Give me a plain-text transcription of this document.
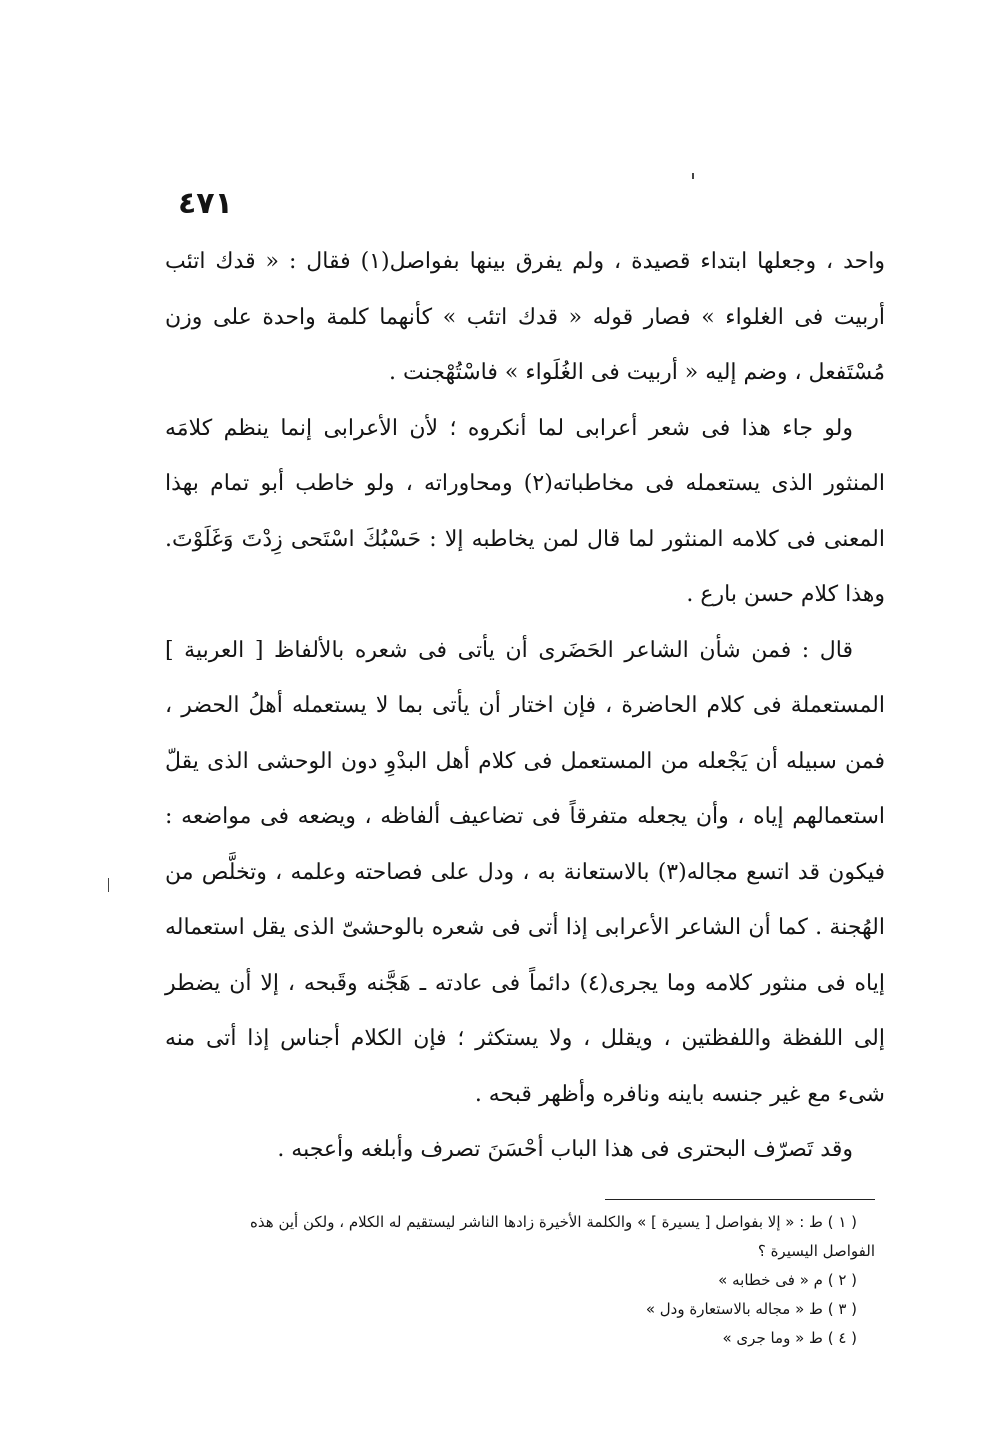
٤٧١

واحد ، وجعلها ابتداء قصيدة ، ولم يفرق بينها بفواصل(١) فقال : « قدك اتئب أربيت فى الغلواء » فصار قوله « قدك اتئب » كأنهما كلمة واحدة على وزن مُسْتَفعل ، وضم إليه « أربيت فى الغُلَواء » فاسْتُهْجنت .

ولو جاء هذا فى شعر أعرابى لما أنكروه ؛ لأن الأعرابى إنما ينظم كلامَه المنثور الذى يستعمله فى مخاطباته(٢) ومحاوراته ، ولو خاطب أبو تمام بهذا المعنى فى كلامه المنثور لما قال لمن يخاطبه إلا : حَسْبُكَ اسْتَحى زِدْتَ وَغَلَوْتَ. وهذا كلام حسن بارع .

قال : فمن شأن الشاعر الحَضَرى أن يأتى فى شعره بالألفاظ [ العربية ] المستعملة فى كلام الحاضرة ، فإن اختار أن يأتى بما لا يستعمله أهلُ الحضر ، فمن سبيله أن يَجْعله من المستعمل فى كلام أهل البدْوِ دون الوحشى الذى يقلّ استعمالهم إياه ، وأن يجعله متفرقاً فى تضاعيف ألفاظه ، ويضعه فى مواضعه : فيكون قد اتسع مجاله(٣) بالاستعانة به ، ودل على فصاحته وعلمه ، وتخلَّص من الهُجنة . كما أن الشاعر الأعرابى إذا أتى فى شعره بالوحشىّ الذى يقل استعماله إياه فى منثور كلامه وما يجرى(٤) دائماً فى عادته ـ هَجَّنه وقَبحه ، إلا أن يضطر إلى اللفظة واللفظتين ، ويقلل ، ولا يستكثر ؛ فإن الكلام أجناس إذا أتى منه شىء مع غير جنسه باينه ونافره وأظهر قبحه .

وقد تَصرّف البحترى فى هذا الباب أحْسَنَ تصرف وأبلغه وأعجبه .

( ١ ) ط : « إلا بفواصل [ يسيرة ] » والكلمة الأخيرة زادها الناشر ليستقيم له الكلام ، ولكن أين هذه الفواصل اليسيرة ؟

( ٢ ) م « فى خطابه »

( ٣ ) ط « مجاله بالاستعارة ودل »

( ٤ ) ط « وما جرى »
